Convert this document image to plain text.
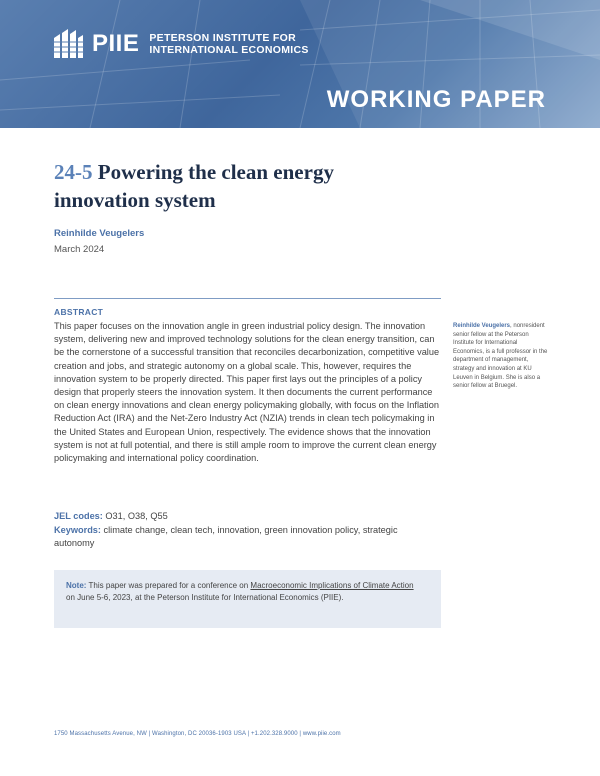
PIIE PETERSON INSTITUTE FOR
INTERNATIONAL ECONOMICS
WORKING PAPER
24-5 Powering the clean energy innovation system
Reinhilde Veugelers
March 2024
ABSTRACT
This paper focuses on the innovation angle in green industrial policy design. The innovation system, delivering new and improved technology solutions for the clean energy transition, can be the cornerstone of a successful transition that reconciles decarbonization, competitive value creation and jobs, and strategic autonomy on a global scale. This, however, requires the innovation system to be properly directed. This paper first lays out the principles of a policy design that properly steers the innovation system. It then documents the current performance on clean energy innovations and clean energy policymaking globally, with focus on the Inflation Reduction Act (IRA) and the Net-Zero Industry Act (NZIA) trends in clean tech policymaking in the United States and European Union, respectively. The evidence shows that the innovation system is not at full potential, and there is still ample room to improve the current clean energy policymaking and international policy coordination.
Reinhilde Veugelers, nonresident senior fellow at the Peterson Institute for International Economics, is a full professor in the department of management, strategy and innovation at KU Leuven in Belgium. She is also a senior fellow at Bruegel.
JEL codes: O31, O38, Q55
Keywords: climate change, clean tech, innovation, green innovation policy, strategic autonomy
Note: This paper was prepared for a conference on Macroeconomic Implications of Climate Action on June 5-6, 2023, at the Peterson Institute for International Economics (PIIE).
1750 Massachusetts Avenue, NW | Washington, DC 20036-1903 USA | +1.202.328.9000 | www.piie.com
